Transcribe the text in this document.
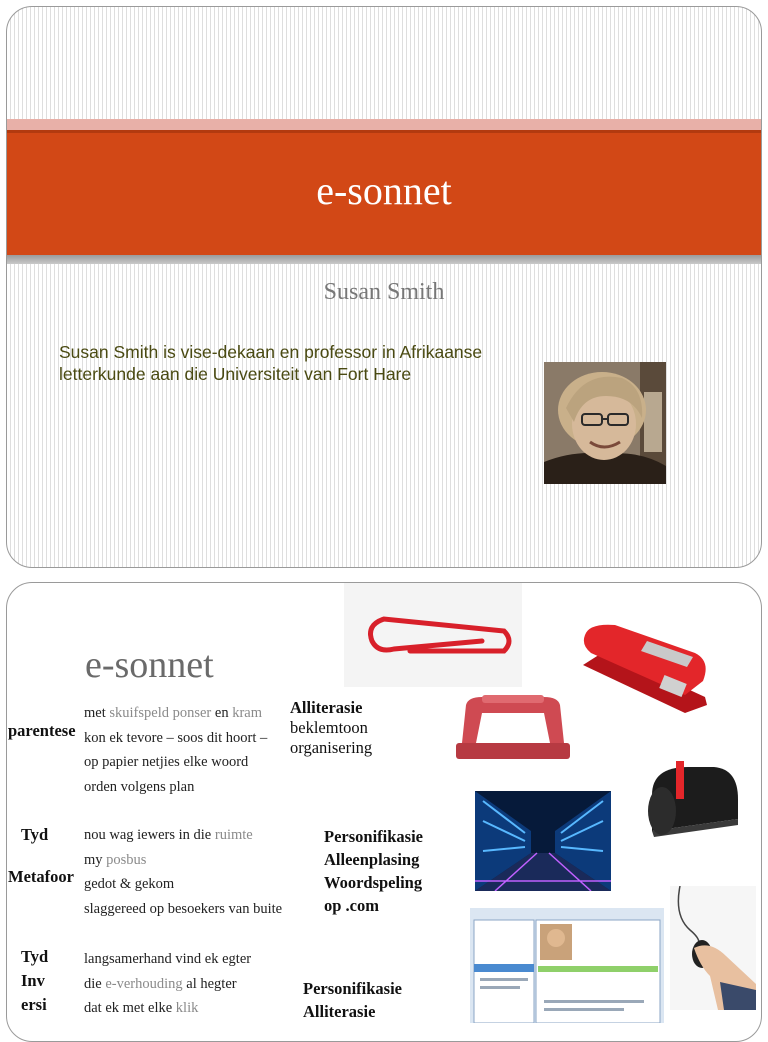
e-sonnet
Susan Smith
Susan Smith is vise-dekaan en professor in Afrikaanse
letterkunde aan die Universiteit van Fort Hare
e-sonnet
met skuifspeld ponser en kram
kon ek tevore – soos dit hoort –
op papier netjies elke woord
orden volgens plan
nou wag iewers in die ruimte
my posbus
gedot & gekom
slaggereed op besoekers van buite
langsamerhand vind ek egter
die e-verhouding al hegter
dat ek met elke klik
parentese
Tyd
Metafoor
Tyd
Inv
ersi
Alliterasie
beklemtoon
organisering
Personifikasie
Alleenplasing
Woordspeling
op .com
Personifikasie
Alliterasie
